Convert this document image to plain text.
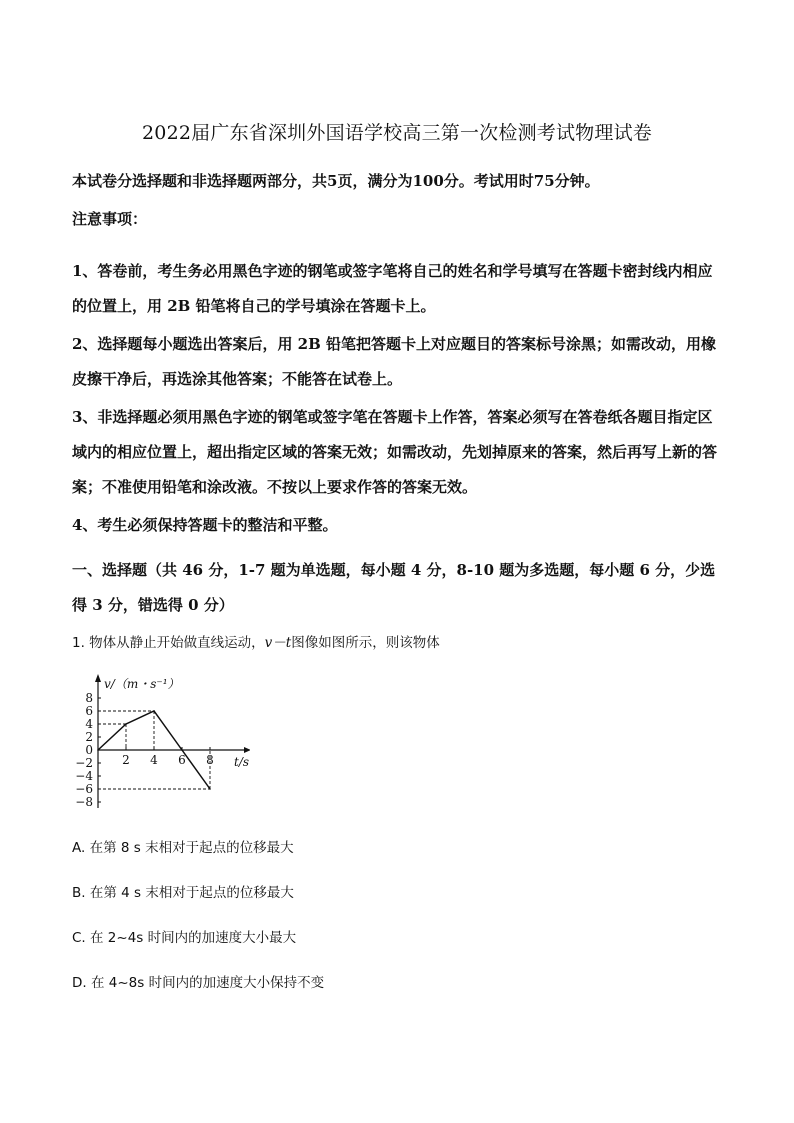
2022届广东省深圳外国语学校高三第一次检测考试物理试卷
本试卷分选择题和非选择题两部分，共5页，满分为100分。考试用时75分钟。
注意事项：
1、答卷前，考生务必用黑色字迹的钢笔或签字笔将自己的姓名和学号填写在答题卡密封线内相应的位置上，用 2B 铅笔将自己的学号填涂在答题卡上。
2、选择题每小题选出答案后，用 2B 铅笔把答题卡上对应题目的答案标号涂黑；如需改动，用橡皮擦干净后，再选涂其他答案；不能答在试卷上。
3、非选择题必须用黑色字迹的钢笔或签字笔在答题卡上作答，答案必须写在答卷纸各题目指定区域内的相应位置上，超出指定区域的答案无效；如需改动，先划掉原来的答案，然后再写上新的答案；不准使用铅笔和涂改液。不按以上要求作答的答案无效。
4、考生必须保持答题卡的整洁和平整。
一、选择题（共 46 分，1-7 题为单选题，每小题 4 分，8-10 题为多选题，每小题 6 分，少选得 3 分，错选得 0 分）
1. 物体从静止开始做直线运动，v－t图像如图所示，则该物体
8
6
4
2
0
−2
−4
−6
−8
2 4 6 8
v/（m・s⁻¹）
t/s
A. 在第 8 s 末相对于起点的位移最大
B. 在第 4 s 末相对于起点的位移最大
C. 在 2~4s 时间内的加速度大小最大
D. 在 4~8s 时间内的加速度大小保持不变
